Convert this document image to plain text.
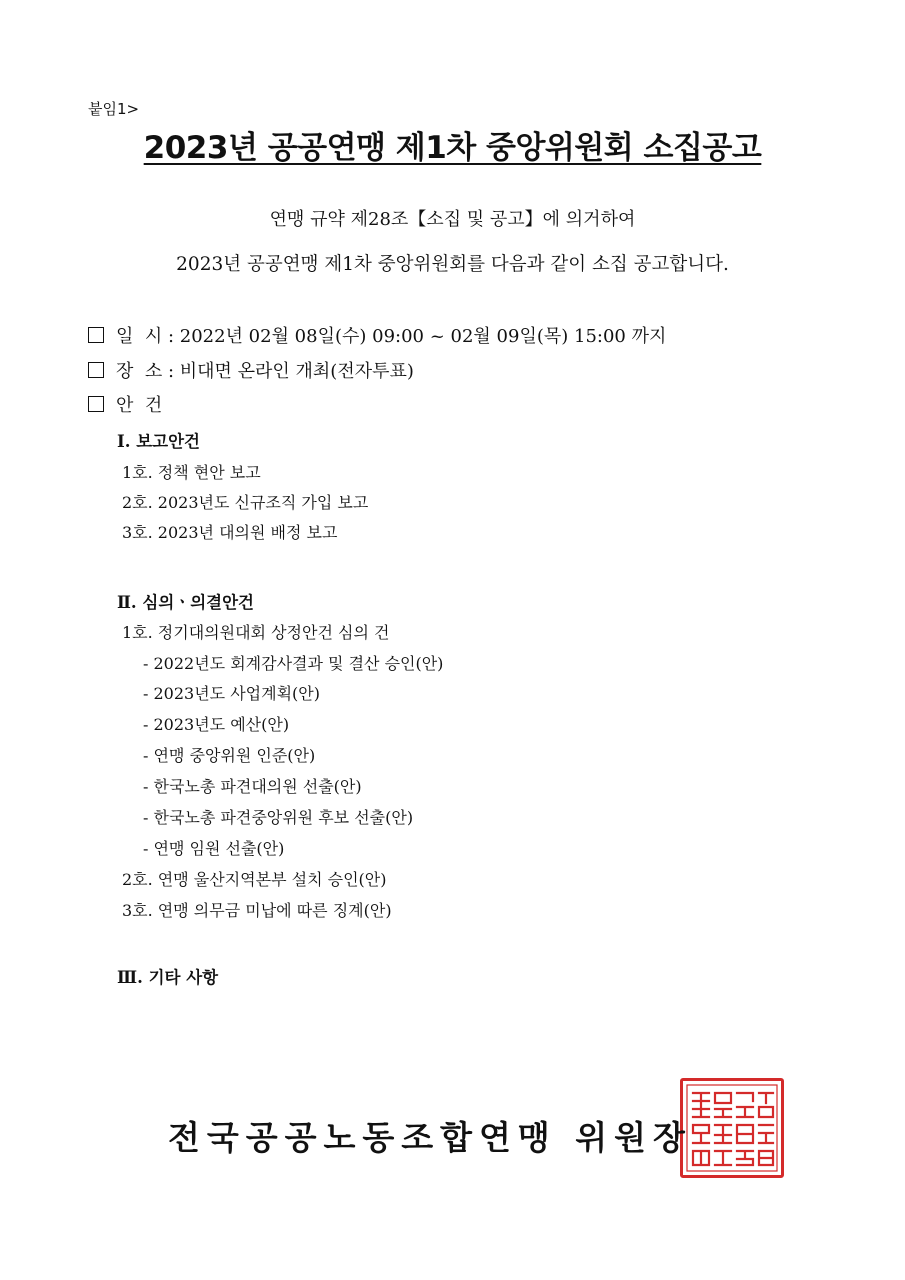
붙임1>
2023년 공공연맹 제1차 중앙위원회 소집공고
연맹 규약 제28조【소집 및 공고】에 의거하여
2023년 공공연맹 제1차 중앙위원회를 다음과 같이 소집 공고합니다.
일  시 : 2022년 02월 08일(수) 09:00 ~ 02월 09일(목) 15:00 까지
장  소 : 비대면 온라인 개최(전자투표)
안  건
Ⅰ. 보고안건
1호. 정책 현안 보고
2호. 2023년도 신규조직 가입 보고
3호. 2023년 대의원 배정 보고
Ⅱ. 심의ㆍ의결안건
1호. 정기대의원대회 상정안건 심의 건
- 2022년도 회계감사결과 및 결산 승인(안)
- 2023년도 사업계획(안)
- 2023년도 예산(안)
- 연맹 중앙위원 인준(안)
- 한국노총 파견대의원 선출(안)
- 한국노총 파견중앙위원 후보 선출(안)
- 연맹 임원 선출(안)
2호. 연맹 울산지역본부 설치 승인(안)
3호. 연맹 의무금 미납에 따른 징계(안)
Ⅲ. 기타 사항
전국공공노동조합연맹 위원장
